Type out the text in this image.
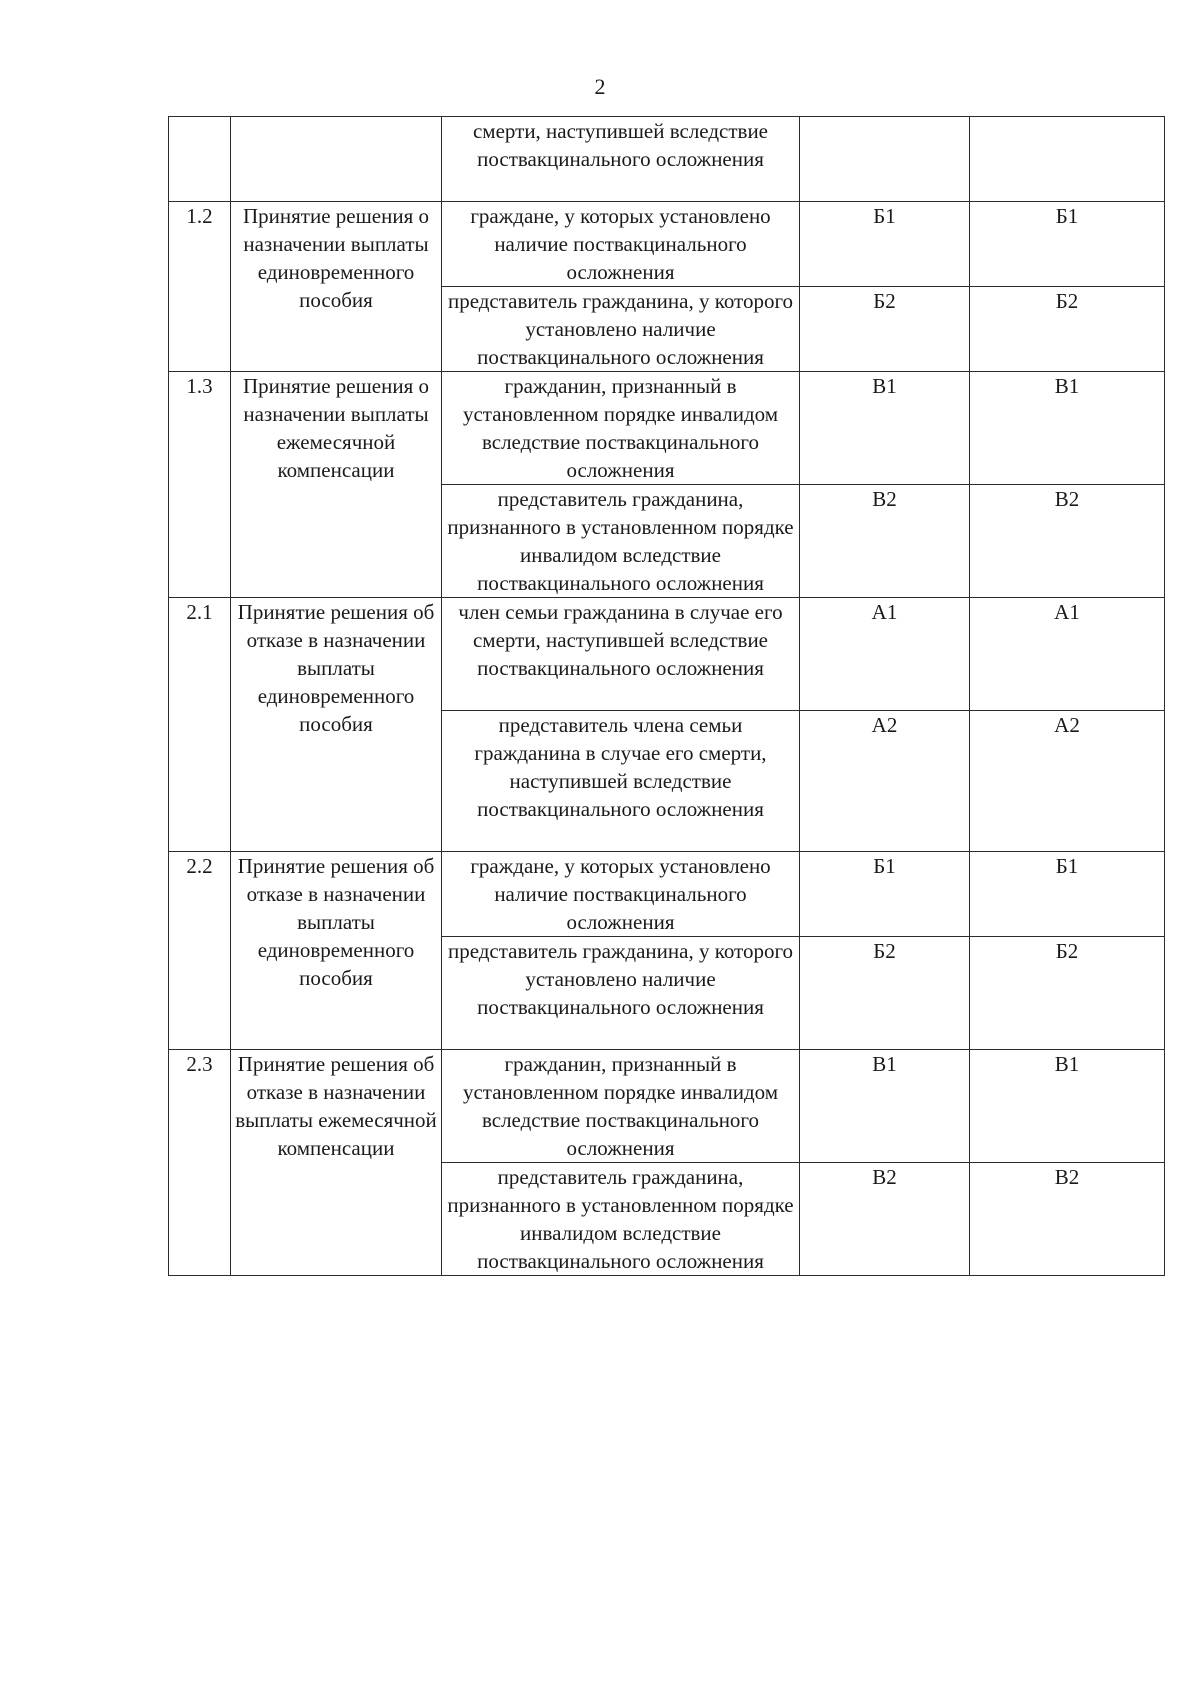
2
		смерти, наступившей вследствие поствакцинального осложнения		
1.2	Принятие решения о назначении выплаты единовременного пособия	граждане, у которых установлено наличие поствакцинального осложнения	Б1	Б1
		представитель гражданина, у которого установлено наличие поствакцинального осложнения	Б2	Б2
1.3	Принятие решения о назначении выплаты ежемесячной компенсации	гражданин, признанный в установленном порядке инвалидом вследствие поствакцинального осложнения	В1	В1
		представитель гражданина, признанного в установленном порядке инвалидом вследствие поствакцинального осложнения	В2	В2
2.1	Принятие решения об отказе в назначении выплаты единовременного пособия	член семьи гражданина в случае его смерти, наступившей вследствие поствакцинального осложнения	А1	А1
		представитель члена семьи гражданина в случае его смерти, наступившей вследствие поствакцинального осложнения	А2	А2
2.2	Принятие решения об отказе в назначении выплаты единовременного пособия	граждане, у которых установлено наличие поствакцинального осложнения	Б1	Б1
		представитель гражданина, у которого установлено наличие поствакцинального осложнения	Б2	Б2
2.3	Принятие решения об отказе в назначении выплаты ежемесячной компенсации	гражданин, признанный в установленном порядке инвалидом вследствие поствакцинального осложнения	В1	В1
		представитель гражданина, признанного в установленном порядке инвалидом вследствие поствакцинального осложнения	В2	В2
